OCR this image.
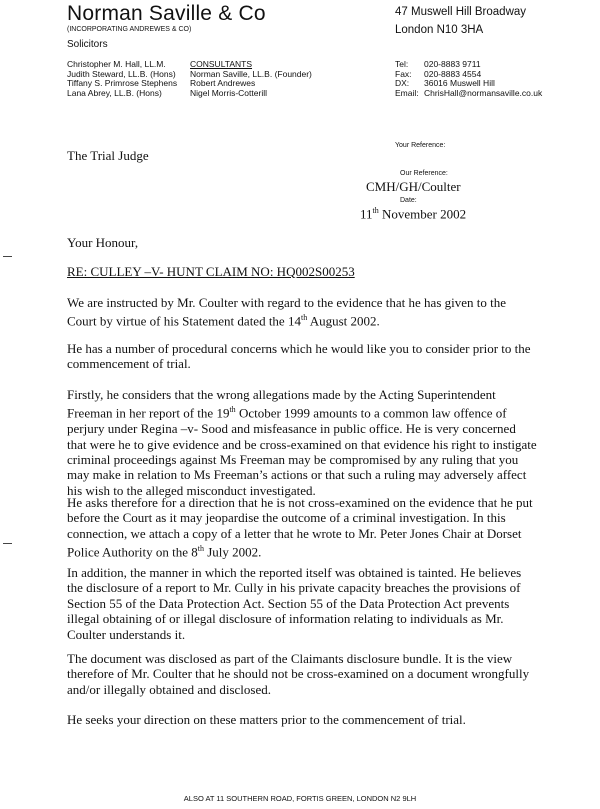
Norman Saville & Co
(INCORPORATING ANDREWES & CO)
Solicitors
47 Muswell Hill Broadway
London N10 3HA
Christopher M. Hall, LL.M.
Judith Steward, LL.B. (Hons)
Tiffany S. Primrose Stephens
Lana Abrey, LL.B. (Hons)
CONSULTANTS
Norman Saville, LL.B. (Founder)
Robert Andrewes
Nigel Morris-Cotterill
Tel:	020-8883 9711
Fax:	020-8883 4554
DX:	36016 Muswell Hill
Email: ChrisHall@normansaville.co.uk
Your Reference:
Our Reference:
CMH/GH/Coulter
Date:
11th November 2002
The Trial Judge
Your Honour,
RE: CULLEY –V- HUNT CLAIM NO: HQ002S00253

We are instructed by Mr. Coulter with regard to the evidence that he has given to the Court by virtue of his Statement dated the 14th August 2002.

He has a number of procedural concerns which he would like you to consider prior to the commencement of trial.

Firstly, he considers that the wrong allegations made by the Acting Superintendent Freeman in her report of the 19th October 1999 amounts to a common law offence of perjury under Regina –v- Sood and misfeasance in public office. He is very concerned that were he to give evidence and be cross-examined on that evidence his right to instigate criminal proceedings against Ms Freeman may be compromised by any ruling that you may make in relation to Ms Freeman’s actions or that such a ruling may adversely affect his wish to the alleged misconduct investigated.

He asks therefore for a direction that he is not cross-examined on the evidence that he put before the Court as it may jeopardise the outcome of a criminal investigation. In this connection, we attach a copy of a letter that he wrote to Mr. Peter Jones Chair at Dorset Police Authority on the 8th July 2002.

In addition, the manner in which the reported itself was obtained is tainted. He believes the disclosure of a report to Mr. Cully in his private capacity breaches the provisions of Section 55 of the Data Protection Act. Section 55 of the Data Protection Act prevents illegal obtaining of or illegal disclosure of information relating to individuals as Mr. Coulter understands it.

The document was disclosed as part of the Claimants disclosure bundle. It is the view therefore of Mr. Coulter that he should not be cross-examined on a document wrongfully and/or illegally obtained and disclosed.

He seeks your direction on these matters prior to the commencement of trial.

ALSO AT 11 SOUTHERN ROAD, FORTIS GREEN, LONDON N2 9LH
